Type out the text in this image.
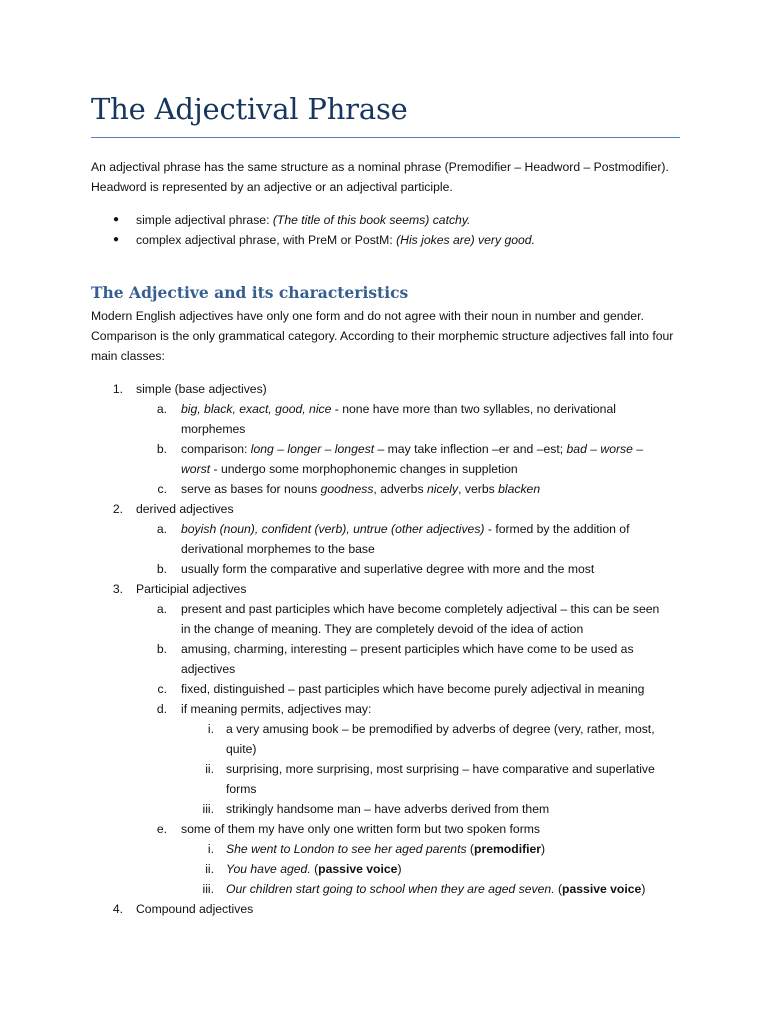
The Adjectival Phrase

An adjectival phrase has the same structure as a nominal phrase (Premodifier – Headword – Postmodifier). Headword is represented by an adjective or an adjectival participle.

● simple adjectival phrase: (The title of this book seems) catchy.
● complex adjectival phrase, with PreM or PostM: (His jokes are) very good.
The Adjective and its characteristics

Modern English adjectives have only one form and do not agree with their noun in number and gender. Comparison is the only grammatical category. According to their morphemic structure adjectives fall into four main classes:

1. simple (base adjectives)
a. big, black, exact, good, nice - none have more than two syllables, no derivational
morphemes
b. comparison: long – longer – longest – may take inflection –er and –est; bad – worse –
worst - undergo some morphophonemic changes in suppletion
c. serve as bases for nouns goodness, adverbs nicely, verbs blacken
2. derived adjectives
a. boyish (noun), confident (verb), untrue (other adjectives) - formed by the addition of
derivational morphemes to the base
b. usually form the comparative and superlative degree with more and the most
3. Participial adjectives
a. present and past participles which have become completely adjectival – this can be seen
in the change of meaning. They are completely devoid of the idea of action
b. amusing, charming, interesting – present participles which have come to be used as
adjectives
c. fixed, distinguished – past participles which have become purely adjectival in meaning
d. if meaning permits, adjectives may:
i. a very amusing book – be premodified by adverbs of degree (very, rather, most,
quite)
ii. surprising, more surprising, most surprising – have comparative and superlative
forms
iii. strikingly handsome man – have adverbs derived from them
e. some of them my have only one written form but two spoken forms
i. She went to London to see her aged parents (premodifier)
ii. You have aged. (passive voice)
iii. Our children start going to school when they are aged seven. (passive voice)
4. Compound adjectives
